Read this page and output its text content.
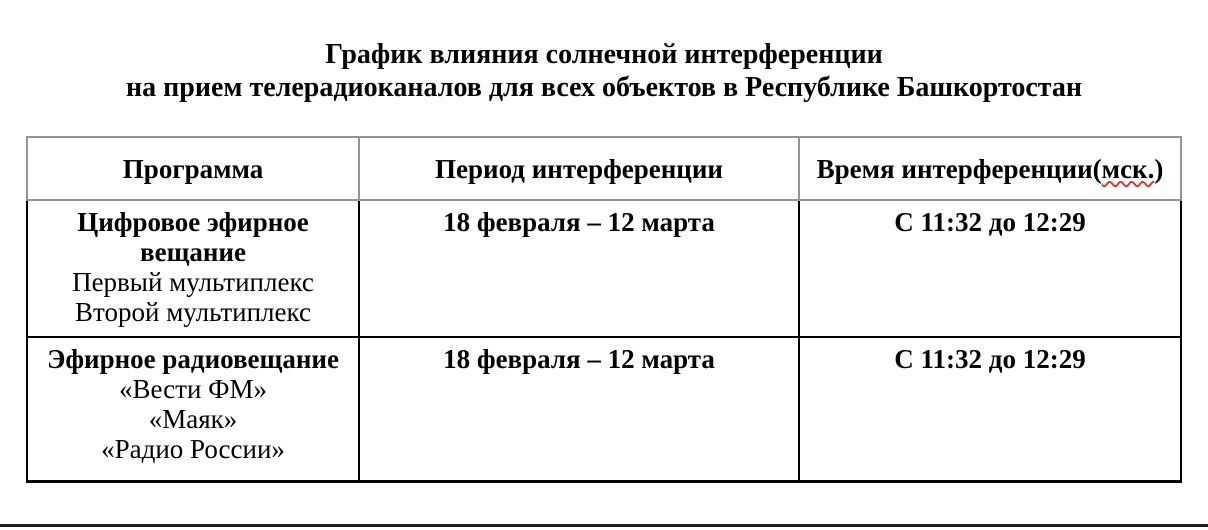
График влияния солнечной интерференции
на прием телерадиоканалов для всех объектов в Республике Башкортостан
Программа	Период интерференции	Время интерференции(мск.)

Цифровое эфирное
вещание
Первый мультиплекс
Второй мультиплекс	18 февраля – 12 марта	С 11:32 до 12:29

Эфирное радиовещание
«Вести ФМ»
«Маяк»
«Радио России»	18 февраля – 12 марта	С 11:32 до 12:29
